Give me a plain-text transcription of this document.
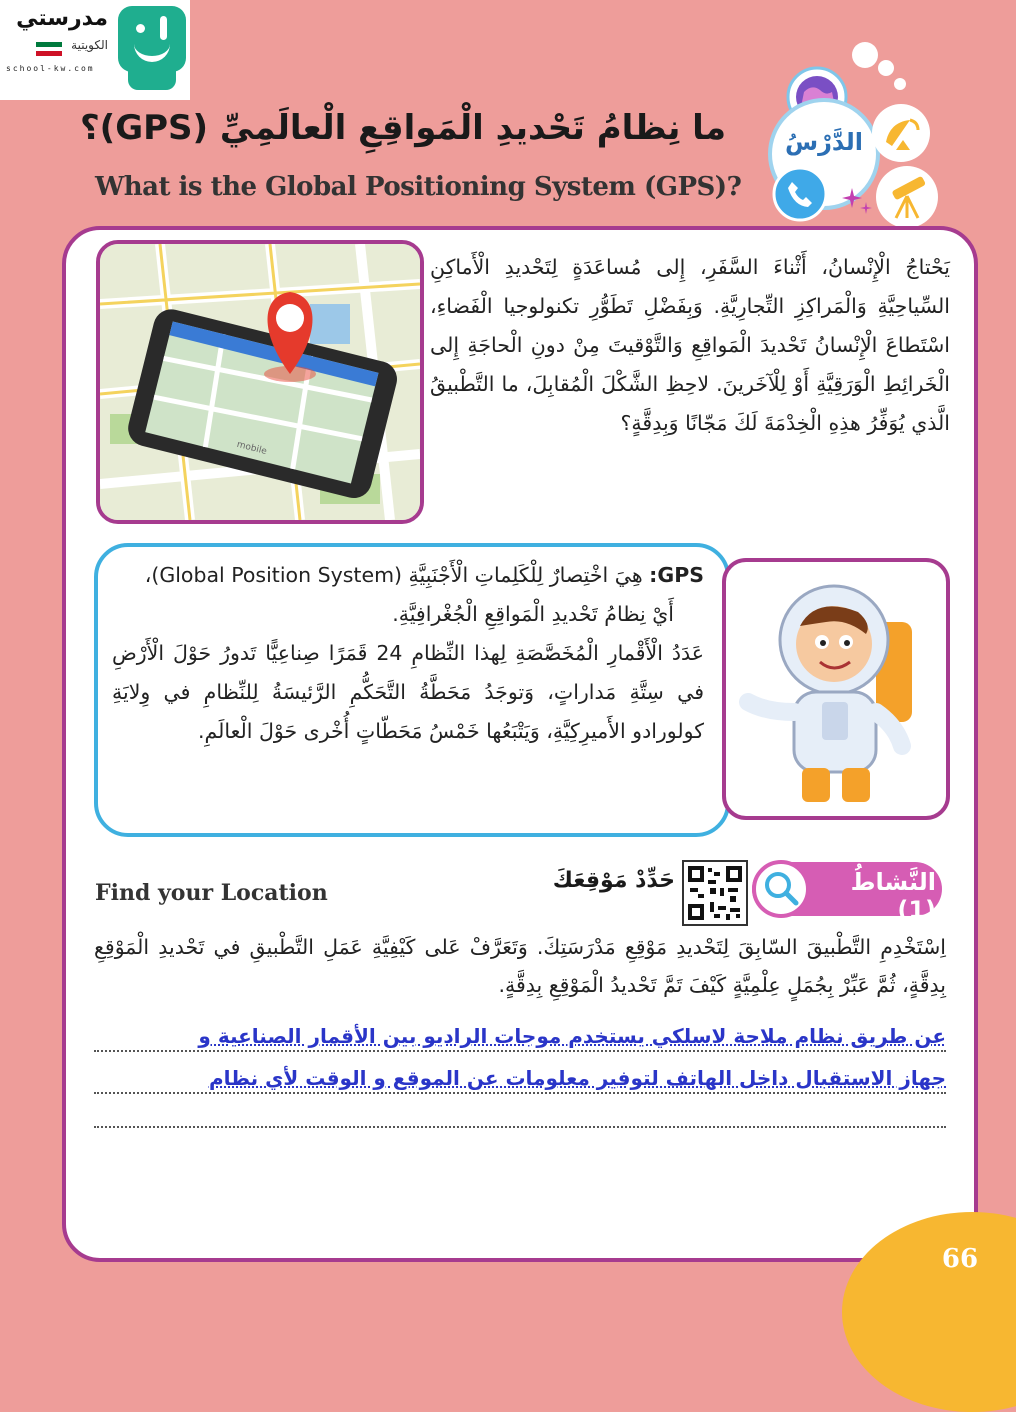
مدرستي
الكويتية
school-kw.com
الدَّرْسُ
ما نِظامُ تَحْديدِ الْمَواقِعِ الْعالَمِيِّ (GPS)؟
What is the Global Positioning System (GPS)?
mobile
يَحْتاجُ الْإِنْسانُ، أَثْناءَ السَّفَرِ، إِلى مُساعَدَةٍ لِتَحْديدِ الْأَماكِنِ السِّياحِيَّةِ وَالْمَراكِزِ التِّجارِيَّةِ. وَبِفَضْلِ تَطَوُّرِ تكنولوجيا الْفَضاءِ، اسْتَطاعَ الْإِنْسانُ تَحْديدَ الْمَواقِعِ وَالتَّوْقيتَ مِنْ دونِ الْحاجَةِ إِلى الْخَرائِطِ الْوَرَقِيَّةِ أَوْ لِلْآخَرينَ. لاحِظِ الشَّكْلَ الْمُقابِلَ، ما التَّطْبيقُ الَّذي يُوَفِّرُ هذِهِ الْخِدْمَةَ لَكَ مَجّانًا وَبِدِقَّةٍ؟
GPS: هِيَ اخْتِصارٌ لِلْكَلِماتِ الْأَجْنَبِيَّةِ (Global Position System)،
أَيْ نِظامُ تَحْديدِ الْمَواقِعِ الْجُغْرافِيَّةِ.
عَدَدُ الْأَقْمارِ الْمُخَصَّصَةِ لِهذا النِّظامِ 24 قَمَرًا صِناعِيًّا تَدورُ حَوْلَ الْأَرْضِ في سِتَّةِ مَداراتٍ، وَتوجَدُ مَحَطَّةُ التَّحَكُّمِ الرَّئيسَةُ لِلنِّظامِ في وِلايَةِ كولورادو الأَميرِكِيَّةِ، وَيَتْبَعُها خَمْسُ مَحَطّاتٍ أُخْرى حَوْلَ الْعالَمِ.
النَّشاطُ (1)
حَدِّدْ مَوْقِعَكَ
Find your Location
اِسْتَخْدِمِ التَّطْبيقَ السّابِقَ لِتَحْديدِ مَوْقِعِ مَدْرَسَتِكَ. وَتَعَرَّفْ عَلى كَيْفِيَّةِ عَمَلِ التَّطْبيقِ في تَحْديدِ الْمَوْقِعِ بِدِقَّةٍ، ثُمَّ عَبِّرْ بِجُمَلٍ عِلْمِيَّةٍ كَيْفَ تَمَّ تَحْديدُ الْمَوْقِعِ بِدِقَّةٍ.
عن طريق نظام ملاحة لاسلكي يستخدم موجات الراديو بين الأقمار الصناعية و
جهاز الاستقبال داخل الهاتف لتوفير معلومات عن الموقع و الوقت لأي نظام
66
